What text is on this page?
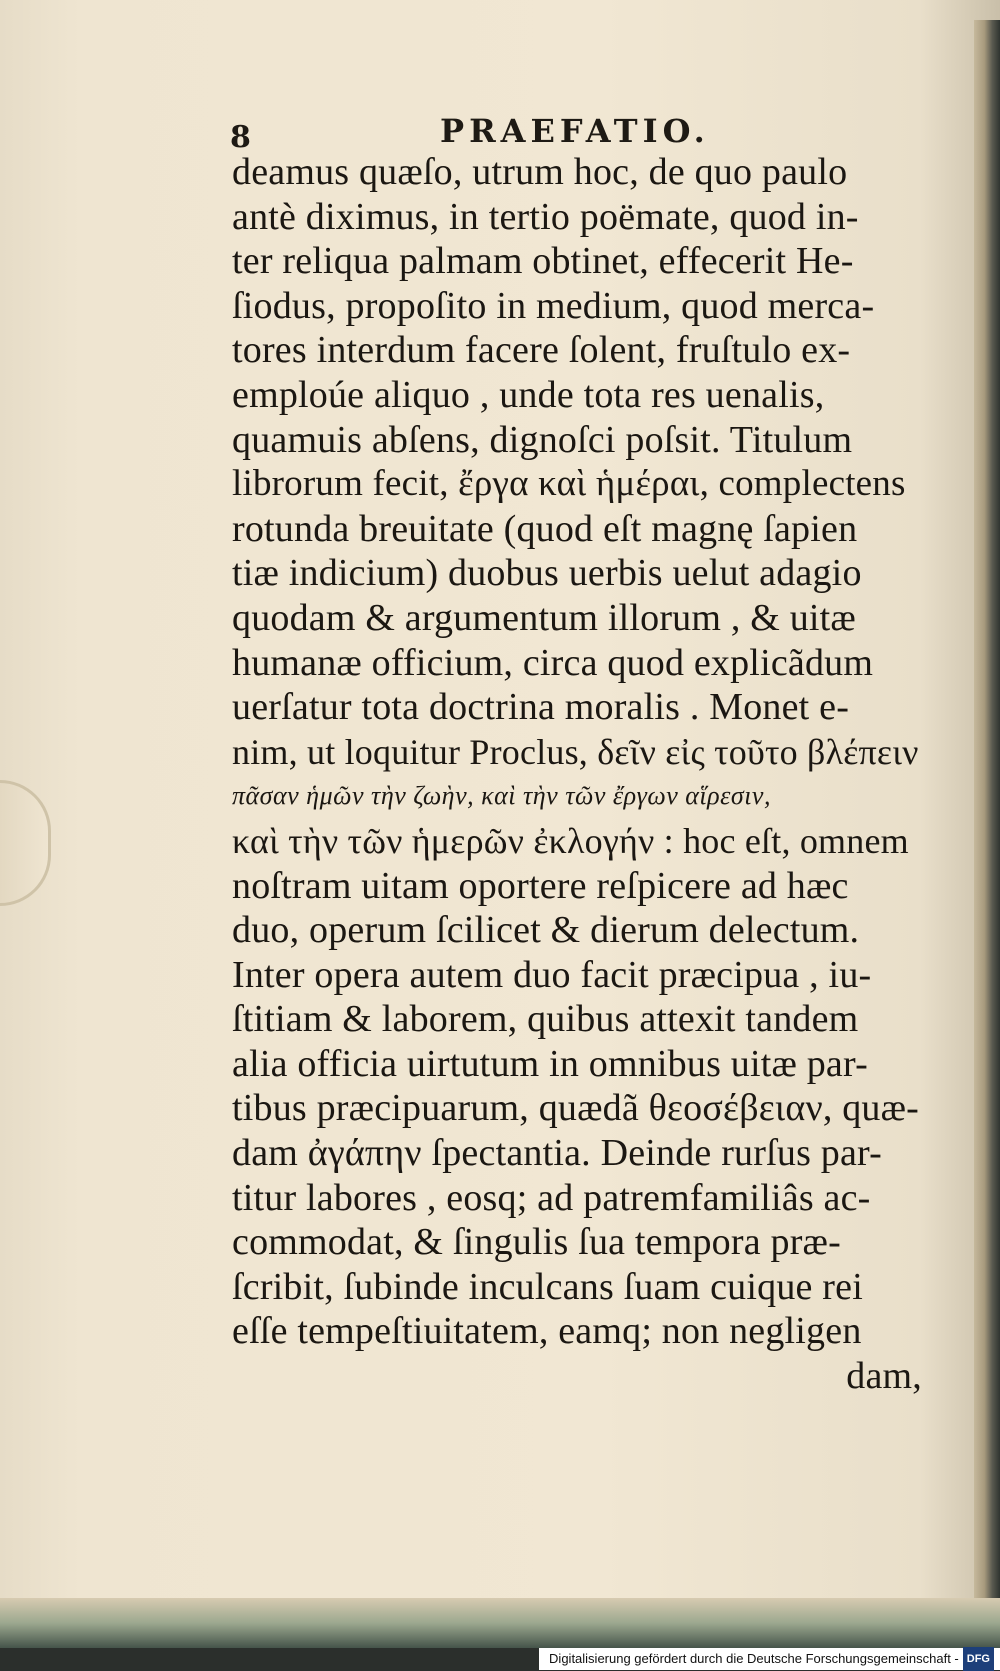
8	PRAEFATIO.
deamus quæſo, utrum hoc, de quo paulo
antè diximus, in tertio poëmate, quod in-
ter reliqua palmam obtinet, effecerit He-
ſiodus, propoſito in medium, quod merca-
tores interdum facere ſolent, fruſtulo ex-
emploúe aliquo , unde tota res uenalis,
quamuis abſens, dignoſci poſsit. Titulum
librorum fecit, ἔργα καὶ ἡμέραι, complectens
rotunda breuitate (quod eſt magnę ſapien
tiæ indicium) duobus uerbis uelut adagio
quodam & argumentum illorum , & uitæ
humanæ officium, circa quod explicãdum
uerſatur tota doctrina moralis . Monet e-
nim, ut loquitur Proclus, δεῖν εἰς τοῦτο βλέπειν
πᾶσαν ἡμῶν τὴν ζωὴν, καὶ τὴν τῶν ἔργων αἵρεσιν,
καὶ τὴν τῶν ἡμερῶν ἐκλογήν : hoc eſt, omnem
noſtram uitam oportere reſpicere ad hæc
duo, operum ſcilicet & dierum delectum.
Inter opera autem duo facit præcipua , iu-
ſtitiam & laborem, quibus attexit tandem
alia officia uirtutum in omnibus uitæ par-
tibus præcipuarum, quædã θεοσέβειαν, quæ-
dam ἀγάπην ſpectantia. Deinde rurſus par-
titur labores , eosq; ad patremfamiliâs ac-
commodat, & ſingulis ſua tempora præ-
ſcribit, ſubinde inculcans ſuam cuique rei
eſſe tempeſtiuitatem, eamq; non negligen
dam,
Digitalisierung gefördert durch die Deutsche Forschungsgemeinschaft - DFG
